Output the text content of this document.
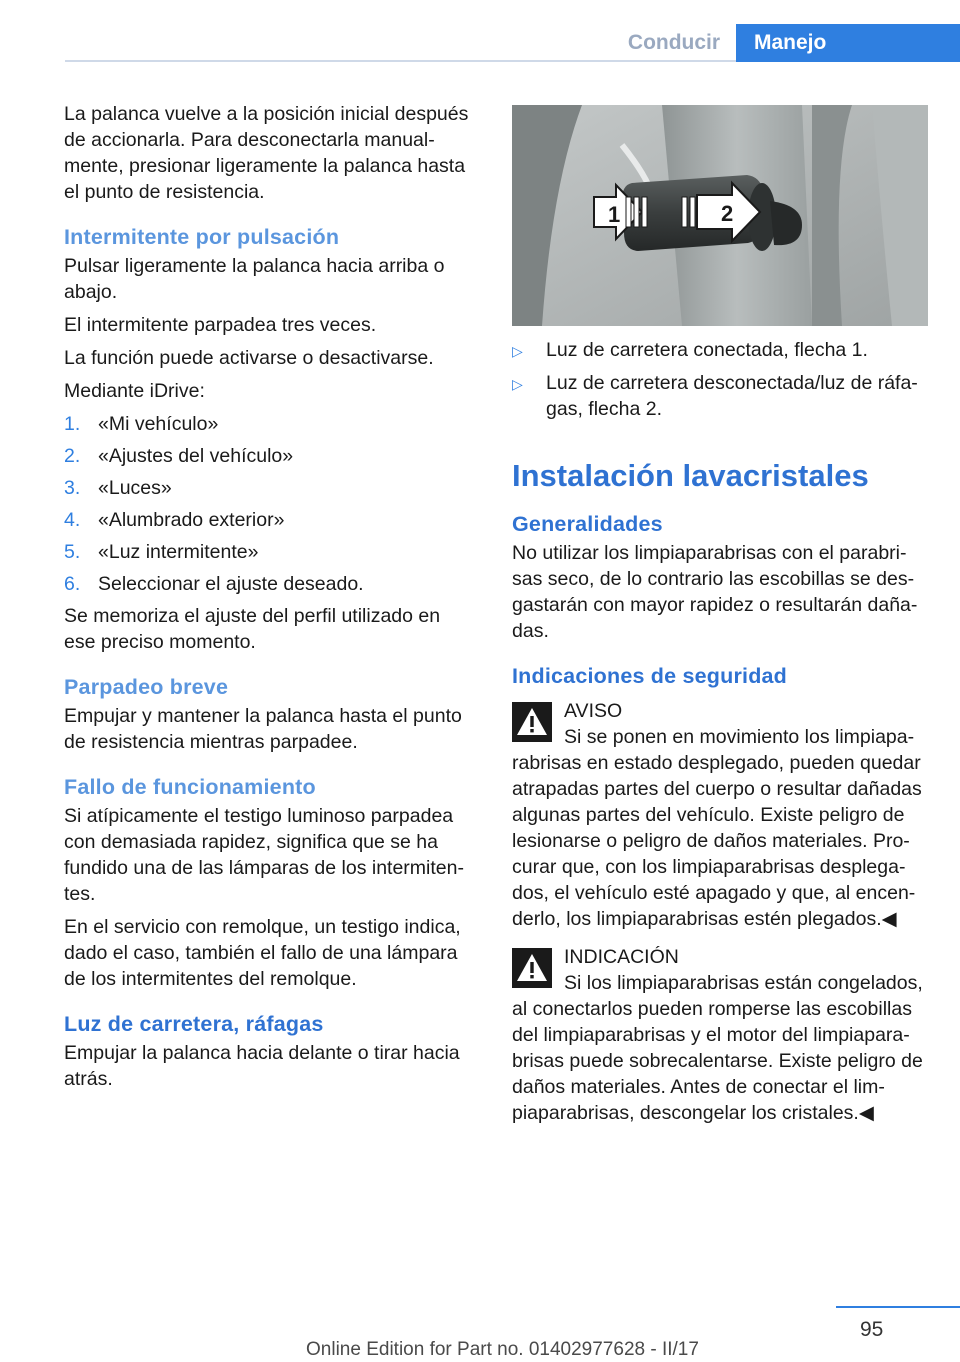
Conducir	Manejo

La palanca vuelve a la posición inicial después de accionarla. Para desconectarla manual‐mente, presionar ligeramente la palanca hasta el punto de resistencia.

Intermitente por pulsación

Pulsar ligeramente la palanca hacia arriba o abajo.

El intermitente parpadea tres veces.

La función puede activarse o desactivarse.

Mediante iDrive:

1. «Mi vehículo»
2. «Ajustes del vehículo»
3. «Luces»
4. «Alumbrado exterior»
5. «Luz intermitente»
6. Seleccionar el ajuste deseado.

Se memoriza el ajuste del perfil utilizado en ese preciso momento.

Parpadeo breve

Empujar y mantener la palanca hasta el punto de resistencia mientras parpadee.

Fallo de funcionamiento

Si atípicamente el testigo luminoso parpadea con demasiada rapidez, significa que se ha fundido una de las lámparas de los intermiten‐tes.

En el servicio con remolque, un testigo indica, dado el caso, también el fallo de una lámpara de los intermitentes del remolque.

Luz de carretera, ráfagas

Empujar la palanca hacia delante o tirar hacia atrás.

1	2
▷	Luz de carretera conectada, flecha 1.
▷	Luz de carretera desconectada/luz de ráfa‐gas, flecha 2.
Instalación lavacristales
Generalidades

No utilizar los limpiaparabrisas con el parabri‐sas seco, de lo contrario las escobillas se des‐gastarán con mayor rapidez o resultarán daña‐das.

Indicaciones de seguridad
AVISO
Si se ponen en movimiento los limpiapa‐rabrisas en estado desplegado, pueden quedar atrapadas partes del cuerpo o resultar dañadas algunas partes del vehículo. Existe peligro de lesionarse o peligro de daños materiales. Pro‐curar que, con los limpiaparabrisas desplega‐dos, el vehículo esté apagado y que, al encen‐derlo, los limpiaparabrisas estén plegados.◀
INDICACIÓN
Si los limpiaparabrisas están congelados, al conectarlos pueden romperse las escobillas del limpiaparabrisas y el motor del limpiapara‐brisas puede sobrecalentarse. Existe peligro de daños materiales. Antes de conectar el lim‐piaparabrisas, descongelar los cristales.◀
95
Online Edition for Part no. 01402977628 - II/17
